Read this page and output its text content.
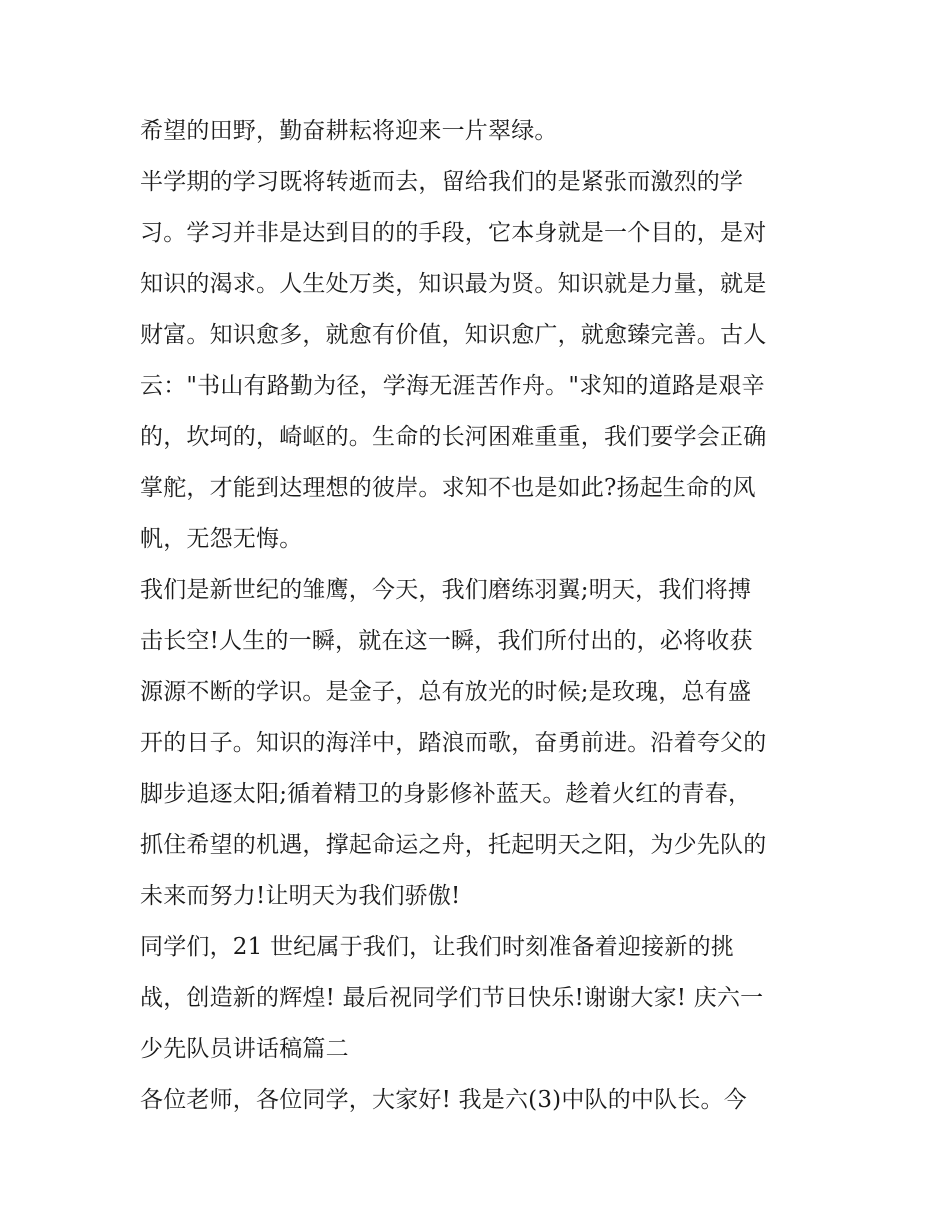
希望的田野，勤奋耕耘将迎来一片翠绿。
半学期的学习既将转逝而去，留给我们的是紧张而激烈的学
习。学习并非是达到目的的手段，它本身就是一个目的，是对
知识的渴求。人生处万类，知识最为贤。知识就是力量，就是
财富。知识愈多，就愈有价值，知识愈广，就愈臻完善。古人
云："书山有路勤为径，学海无涯苦作舟。"求知的道路是艰辛
的，坎坷的，崎岖的。生命的长河困难重重，我们要学会正确
掌舵，才能到达理想的彼岸。求知不也是如此?扬起生命的风
帆，无怨无悔。
我们是新世纪的雏鹰，今天，我们磨练羽翼;明天，我们将搏
击长空!人生的一瞬，就在这一瞬，我们所付出的，必将收获
源源不断的学识。是金子，总有放光的时候;是玫瑰，总有盛
开的日子。知识的海洋中，踏浪而歌，奋勇前进。沿着夸父的
脚步追逐太阳;循着精卫的身影修补蓝天。趁着火红的青春，
抓住希望的机遇，撑起命运之舟，托起明天之阳，为少先队的
未来而努力!让明天为我们骄傲!
同学们，21 世纪属于我们，让我们时刻准备着迎接新的挑
战，创造新的辉煌! 最后祝同学们节日快乐!谢谢大家! 庆六一
少先队员讲话稿篇二
各位老师，各位同学，大家好! 我是六(3)中队的中队长。今
